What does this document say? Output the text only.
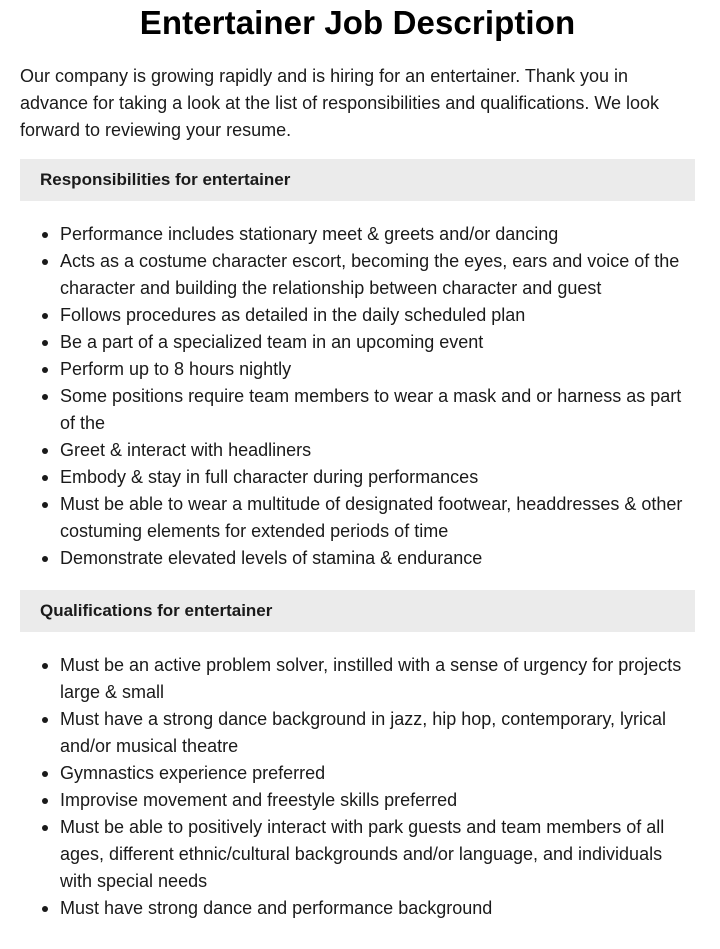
Entertainer Job Description

Our company is growing rapidly and is hiring for an entertainer. Thank you in advance for taking a look at the list of responsibilities and qualifications. We look forward to reviewing your resume.

Responsibilities for entertainer
Performance includes stationary meet & greets and/or dancing
Acts as a costume character escort, becoming the eyes, ears and voice of the character and building the relationship between character and guest
Follows procedures as detailed in the daily scheduled plan
Be a part of a specialized team in an upcoming event
Perform up to 8 hours nightly
Some positions require team members to wear a mask and or harness as part of the
Greet & interact with headliners
Embody & stay in full character during performances
Must be able to wear a multitude of designated footwear, headdresses & other costuming elements for extended periods of time
Demonstrate elevated levels of stamina & endurance
Qualifications for entertainer
Must be an active problem solver, instilled with a sense of urgency for projects large & small
Must have a strong dance background in jazz, hip hop, contemporary, lyrical and/or musical theatre
Gymnastics experience preferred
Improvise movement and freestyle skills preferred
Must be able to positively interact with park guests and team members of all ages, different ethnic/cultural backgrounds and/or language, and individuals with special needs
Must have strong dance and performance background
